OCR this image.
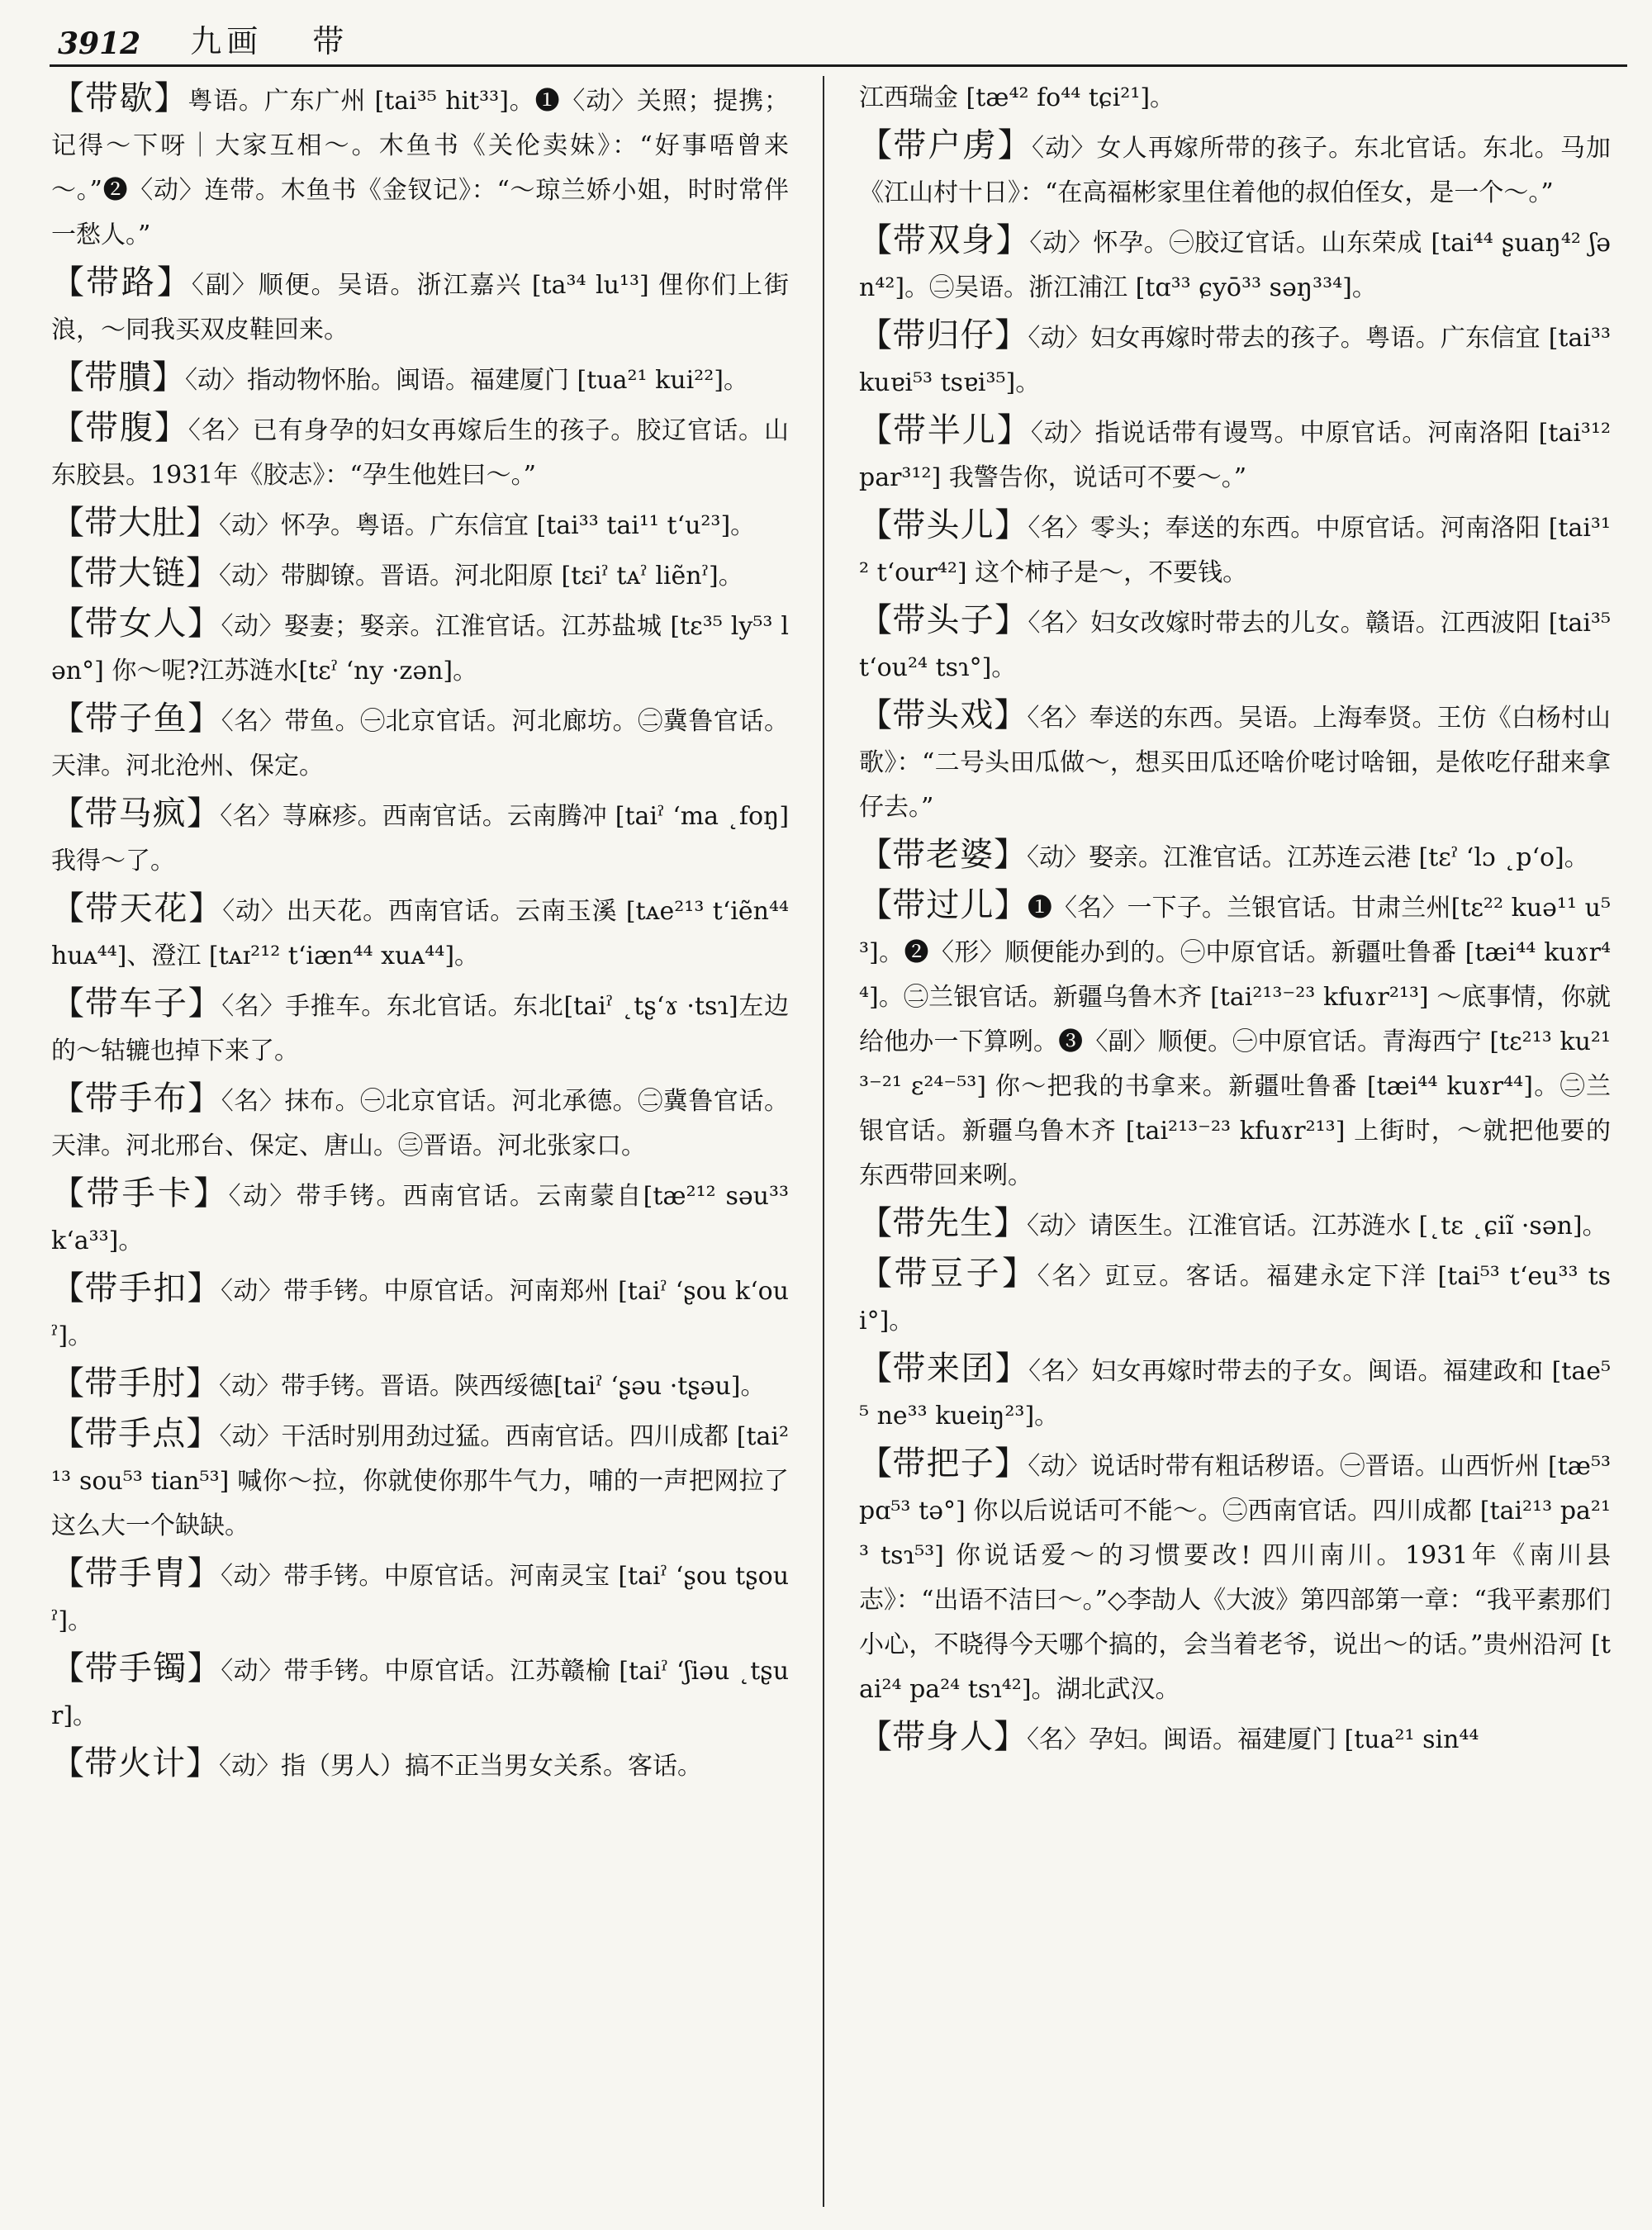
3912 九画 带

【带歇】粤语。广东广州 [tai³⁵ hit³³]。❶〈动〉关照；提携；记得～下呀｜大家互相～。木鱼书《关伦卖妹》：“好事唔曾来～。”❷〈动〉连带。木鱼书《金钗记》：“～琼兰娇小姐，时时常伴一愁人。”

【带路】〈副〉顺便。吴语。浙江嘉兴 [ta³⁴ lu¹³] 俚你们上街浪，～同我买双皮鞋回来。

【带膭】〈动〉指动物怀胎。闽语。福建厦门 [tua²¹ kui²²]。

【带腹】〈名〉已有身孕的妇女再嫁后生的孩子。胶辽官话。山东胶县。1931年《胶志》：“孕生他姓曰～。”

【带大肚】〈动〉怀孕。粤语。广东信宜 [tai³³ tai¹¹ t‘u²³]。

【带大链】〈动〉带脚镣。晋语。河北阳原 [tɛiˀ tᴀˀ liẽnˀ]。

【带女人】〈动〉娶妻；娶亲。江淮官话。江苏盐城 [tɛ³⁵ ly⁵³ lən°] 你～呢?江苏涟水[tɛˀ ‘ny ·zən]。

【带子鱼】〈名〉带鱼。㊀北京官话。河北廊坊。㊁冀鲁官话。天津。河北沧州、保定。

【带马疯】〈名〉荨麻疹。西南官话。云南腾冲 [taiˀ ‘ma ˛foŋ] 我得～了。

【带天花】〈动〉出天花。西南官话。云南玉溪 [tᴀe²¹³ t‘iẽn⁴⁴ huᴀ⁴⁴]、澄江 [tᴀɪ²¹² t‘iæn⁴⁴ xuᴀ⁴⁴]。

【带车子】〈名〉手推车。东北官话。东北[taiˀ ˛tʂ‘ɤ ·tsɿ]左边的～轱辘也掉下来了。

【带手布】〈名〉抹布。㊀北京官话。河北承德。㊁冀鲁官话。天津。河北邢台、保定、唐山。㊂晋语。河北张家口。

【带手卡】〈动〉带手铐。西南官话。云南蒙自[tæ²¹² səu³³ k‘a³³]。

【带手扣】〈动〉带手铐。中原官话。河南郑州 [taiˀ ‘ʂou k‘ouˀ]。

【带手肘】〈动〉带手铐。晋语。陕西绥德[taiˀ ‘ʂəu ·tʂəu]。

【带手点】〈动〉干活时别用劲过猛。西南官话。四川成都 [tai²¹³ sou⁵³ tian⁵³] 喊你～拉，你就使你那牛气力，哺的一声把网拉了这么大一个缺缺。

【带手胄】〈动〉带手铐。中原官话。河南灵宝 [taiˀ ‘ʂou tʂouˀ]。

【带手镯】〈动〉带手铐。中原官话。江苏赣榆 [taiˀ ‘ʃiəu ˛tʂur]。

【带火计】〈动〉指（男人）搞不正当男女关系。客话。

江西瑞金 [tæ⁴² fo⁴⁴ tɕi²¹]。

【带户虏】〈动〉女人再嫁所带的孩子。东北官话。东北。马加《江山村十日》：“在高福彬家里住着他的叔伯侄女，是一个～。”

【带双身】〈动〉怀孕。㊀胶辽官话。山东荣成 [tai⁴⁴ ʂuaŋ⁴² ʃən⁴²]。㊁吴语。浙江浦江 [tɑ³³ ɕyō³³ səŋ³³⁴]。

【带归仔】〈动〉妇女再嫁时带去的孩子。粤语。广东信宜 [tai³³ kuɐi⁵³ tsɐi³⁵]。

【带半儿】〈动〉指说话带有谩骂。中原官话。河南洛阳 [tai³¹² par³¹²] 我警告你，说话可不要～。”

【带头儿】〈名〉零头；奉送的东西。中原官话。河南洛阳 [tai³¹² t‘our⁴²] 这个柿子是～，不要钱。

【带头子】〈名〉妇女改嫁时带去的儿女。赣语。江西波阳 [tai³⁵ t‘ou²⁴ tsɿ°]。

【带头戏】〈名〉奉送的东西。吴语。上海奉贤。王仿《白杨村山歌》：“二号头田瓜做～，想买田瓜还啥价咾讨啥钿，是侬吃仔甜来拿仔去。”

【带老婆】〈动〉娶亲。江淮官话。江苏连云港 [tɛˀ ‘lɔ ˛p‘o]。

【带过儿】❶〈名〉一下子。兰银官话。甘肃兰州[tɛ²² kuə¹¹ u⁵³]。❷〈形〉顺便能办到的。㊀中原官话。新疆吐鲁番 [tæi⁴⁴ kuɤr⁴⁴]。㊁兰银官话。新疆乌鲁木齐 [tai²¹³⁻²³ kfuɤr²¹³] ～底事情，你就给他办一下算咧。❸〈副〉顺便。㊀中原官话。青海西宁 [tɛ²¹³ ku²¹³⁻²¹ ɛ²⁴⁻⁵³] 你～把我的书拿来。新疆吐鲁番 [tæi⁴⁴ kuɤr⁴⁴]。㊁兰银官话。新疆乌鲁木齐 [tai²¹³⁻²³ kfuɤr²¹³] 上街时，～就把他要的东西带回来咧。

【带先生】〈动〉请医生。江淮官话。江苏涟水 [˛tɛ ˛ɕiĩ ·sən]。

【带豆子】〈名〉豇豆。客话。福建永定下洋 [tai⁵³ t‘eu³³ tsi°]。

【带来囝】〈名〉妇女再嫁时带去的子女。闽语。福建政和 [tae⁵⁵ ne³³ kueiŋ²³]。

【带把子】〈动〉说话时带有粗话秽语。㊀晋语。山西忻州 [tæ⁵³ pɑ⁵³ tə°] 你以后说话可不能～。㊁西南官话。四川成都 [tai²¹³ pa²¹³ tsɿ⁵³] 你说话爱～的习惯要改! 四川南川。1931年《南川县志》：“出语不洁曰～。”◇李劼人《大波》第四部第一章：“我平素那们小心，不晓得今天哪个搞的，会当着老爷，说出～的话。”贵州沿河 [tai²⁴ pa²⁴ tsɿ⁴²]。湖北武汉。

【带身人】〈名〉孕妇。闽语。福建厦门 [tua²¹ sin⁴⁴
